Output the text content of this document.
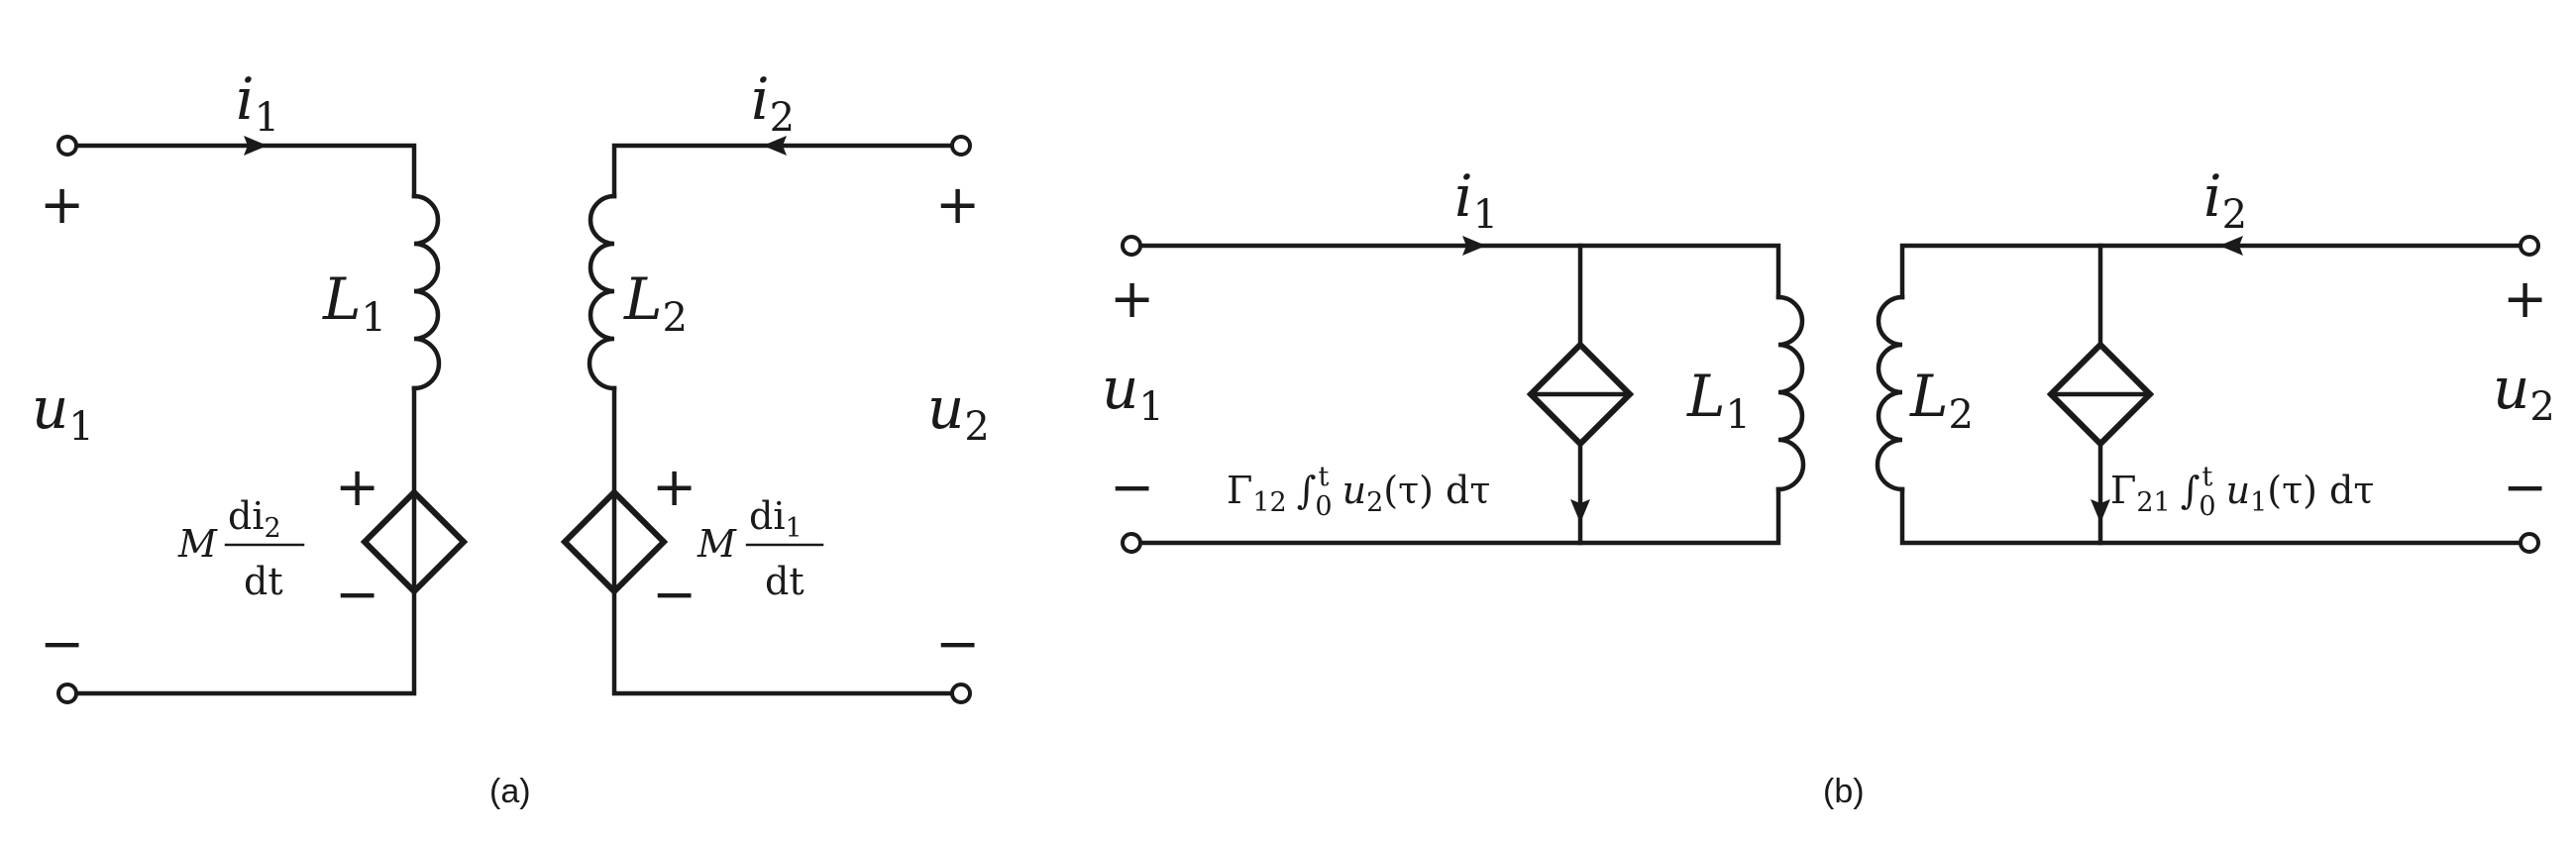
$i_1$
+
$u_1$
−
$L_1$
+
−
M
$di_2$
dt
$i_2$
+
$u_2$
−
$L_2$
+
−
M
$di_1$
dt
(a)
$i_1$
+
$u_1$
−
$L_1$
$\Gamma_{12}$ ∫$^t$ 0 $u_2(\tau)$ dτ
$i_2$
+
$u_2$
−
$L_2$
$\Gamma_{21}$ ∫$^t$ 0 $u_1(\tau)$ dτ
(b)
